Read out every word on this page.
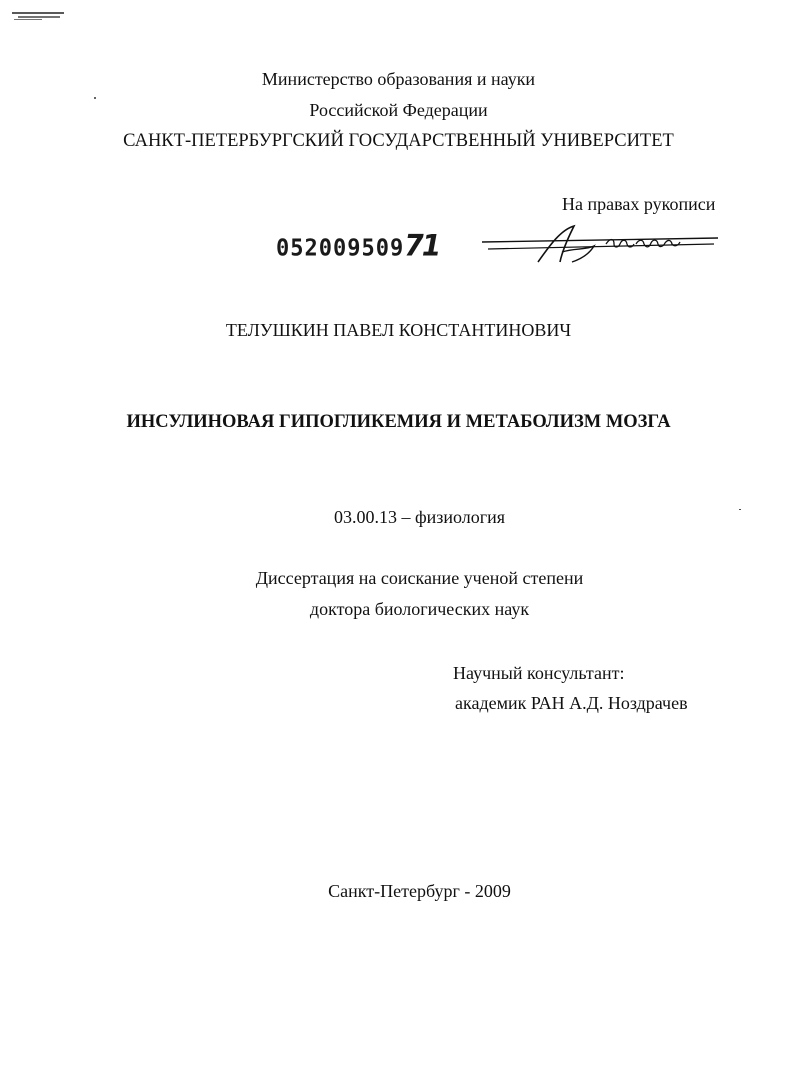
Министерство образования и науки
Российской Федерации
САНКТ-ПЕТЕРБУРГСКИЙ ГОСУДАРСТВЕННЫЙ УНИВЕРСИТЕТ
На правах рукописи
05200950971
ТЕЛУШКИН ПАВЕЛ КОНСТАНТИНОВИЧ
ИНСУЛИНОВАЯ ГИПОГЛИКЕМИЯ И МЕТАБОЛИЗМ МОЗГА
03.00.13 – физиология
Диссертация на соискание ученой степени
доктора биологических наук
Научный консультант:
академик РАН А.Д. Ноздрачев
Санкт-Петербург - 2009
